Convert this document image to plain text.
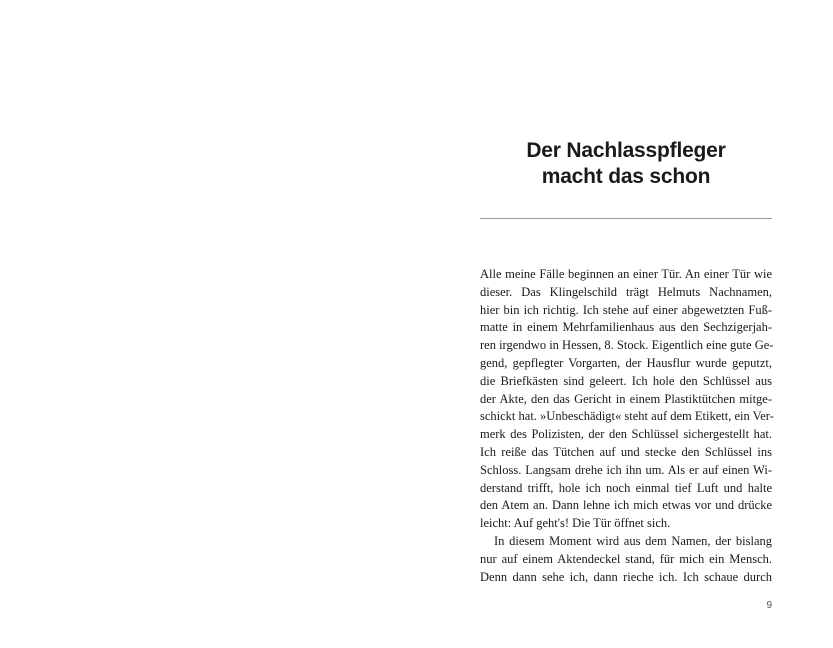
Der Nachlasspfleger
macht das schon

Alle meine Fälle beginnen an einer Tür. An einer Tür wie
dieser. Das Klingelschild trägt Helmuts Nachnamen,
hier bin ich richtig. Ich stehe auf einer abgewetzten Fuß-
matte in einem Mehrfamilienhaus aus den Sechzigerjah-
ren irgendwo in Hessen, 8. Stock. Eigentlich eine gute Ge-
gend, gepflegter Vorgarten, der Hausflur wurde geputzt,
die Briefkästen sind geleert. Ich hole den Schlüssel aus
der Akte, den das Gericht in einem Plastiktütchen mitge-
schickt hat. »Unbeschädigt« steht auf dem Etikett, ein Ver-
merk des Polizisten, der den Schlüssel sichergestellt hat.
Ich reiße das Tütchen auf und stecke den Schlüssel ins
Schloss. Langsam drehe ich ihn um. Als er auf einen Wi-
derstand trifft, hole ich noch einmal tief Luft und halte
den Atem an. Dann lehne ich mich etwas vor und drücke
leicht: Auf geht's! Die Tür öffnet sich.

In diesem Moment wird aus dem Namen, der bislang
nur auf einem Aktendeckel stand, für mich ein Mensch.
Denn dann sehe ich, dann rieche ich. Ich schaue durch

9
